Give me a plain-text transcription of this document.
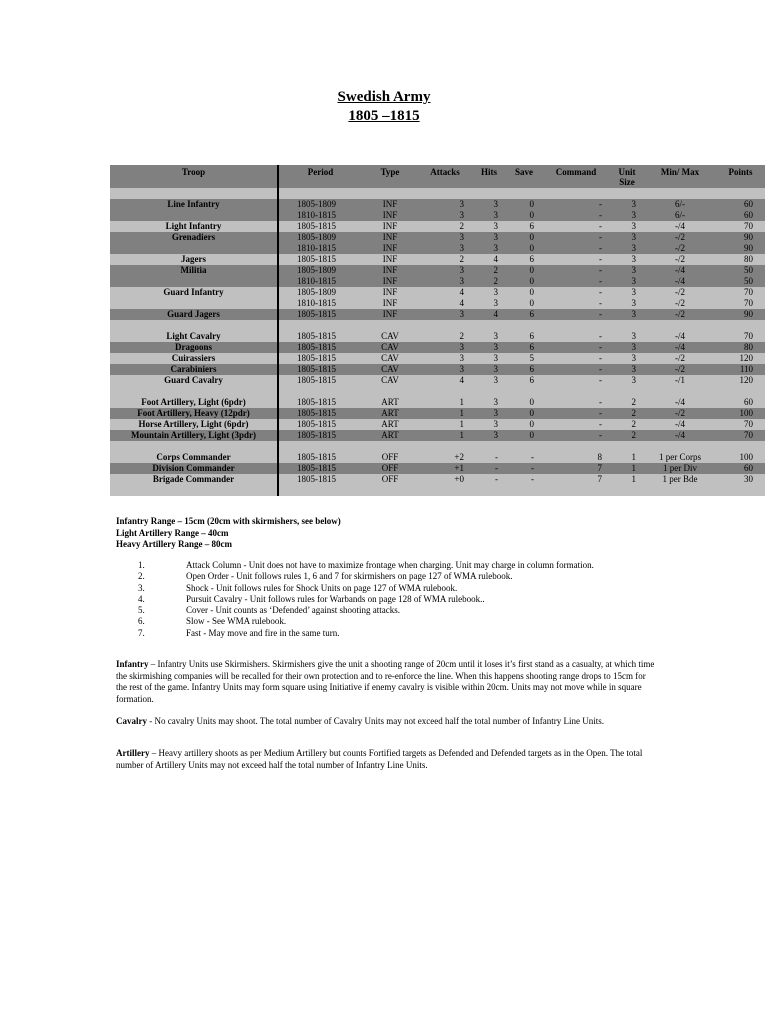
Swedish Army
1805 –1815
Troop	Period	Type	Attacks	Hits	Save	Command	Unit Size	Min/ Max	Points

Line Infantry	1805-1809	INF	3	3	0	-	3	6/-	60
	1810-1815	INF	3	3	0	-	3	6/-	60
Light Infantry	1805-1815	INF	2	3	6	-	3	-/4	70
Grenadiers	1805-1809	INF	3	3	0	-	3	-/2	90
	1810-1815	INF	3	3	0	-	3	-/2	90
Jagers	1805-1815	INF	2	4	6	-	3	-/2	80
Militia	1805-1809	INF	3	2	0	-	3	-/4	50
	1810-1815	INF	3	2	0	-	3	-/4	50
Guard Infantry	1805-1809	INF	4	3	0	-	3	-/2	70
	1810-1815	INF	4	3	0	-	3	-/2	70
Guard Jagers	1805-1815	INF	3	4	6	-	3	-/2	90

Light Cavalry	1805-1815	CAV	2	3	6	-	3	-/4	70
Dragoons	1805-1815	CAV	3	3	6	-	3	-/4	80
Cuirassiers	1805-1815	CAV	3	3	5	-	3	-/2	120
Carabiniers	1805-1815	CAV	3	3	6	-	3	-/2	110
Guard Cavalry	1805-1815	CAV	4	3	6	-	3	-/1	120

Foot Artillery, Light (6pdr)	1805-1815	ART	1	3	0	-	2	-/4	60
Foot Artillery, Heavy (12pdr)	1805-1815	ART	1	3	0	-	2	-/2	100
Horse Artillery, Light (6pdr)	1805-1815	ART	1	3	0	-	2	-/4	70
Mountain Artillery, Light (3pdr)	1805-1815	ART	1	3	0	-	2	-/4	70

Corps Commander	1805-1815	OFF	+2	-	-	8	1	1 per Corps	100
Division Commander	1805-1815	OFF	+1	-	-	7	1	1 per Div	60
Brigade Commander	1805-1815	OFF	+0	-	-	7	1	1 per Bde	30

Infantry Range – 15cm (20cm with skirmishers, see below)
Light Artillery Range – 40cm
Heavy Artillery Range – 80cm
1.	Attack Column - Unit does not have to maximize frontage when charging. Unit may charge in column formation.
2.	Open Order - Unit follows rules 1, 6 and 7 for skirmishers on page 127 of WMA rulebook.
3.	Shock - Unit follows rules for Shock Units on page 127 of WMA rulebook.
4.	Pursuit Cavalry - Unit follows rules for Warbands on page 128 of WMA rulebook..
5.	Cover - Unit counts as ‘Defended’ against shooting attacks.
6.	Slow - See WMA rulebook.
7.	Fast - May move and fire in the same turn.
Infantry – Infantry Units use Skirmishers. Skirmishers give the unit a shooting range of 20cm until it loses it’s first stand as a casualty, at which time the skirmishing companies will be recalled for their own protection and to re-enforce the line. When this happens shooting range drops to 15cm for the rest of the game. Infantry Units may form square using Initiative if enemy cavalry is visible within 20cm. Units may not move while in square formation.
Cavalry - No cavalry Units may shoot. The total number of Cavalry Units may not exceed half the total number of Infantry Line Units.
Artillery – Heavy artillery shoots as per Medium Artillery but counts Fortified targets as Defended and Defended targets as in the Open. The total number of Artillery Units may not exceed half the total number of Infantry Line Units.
